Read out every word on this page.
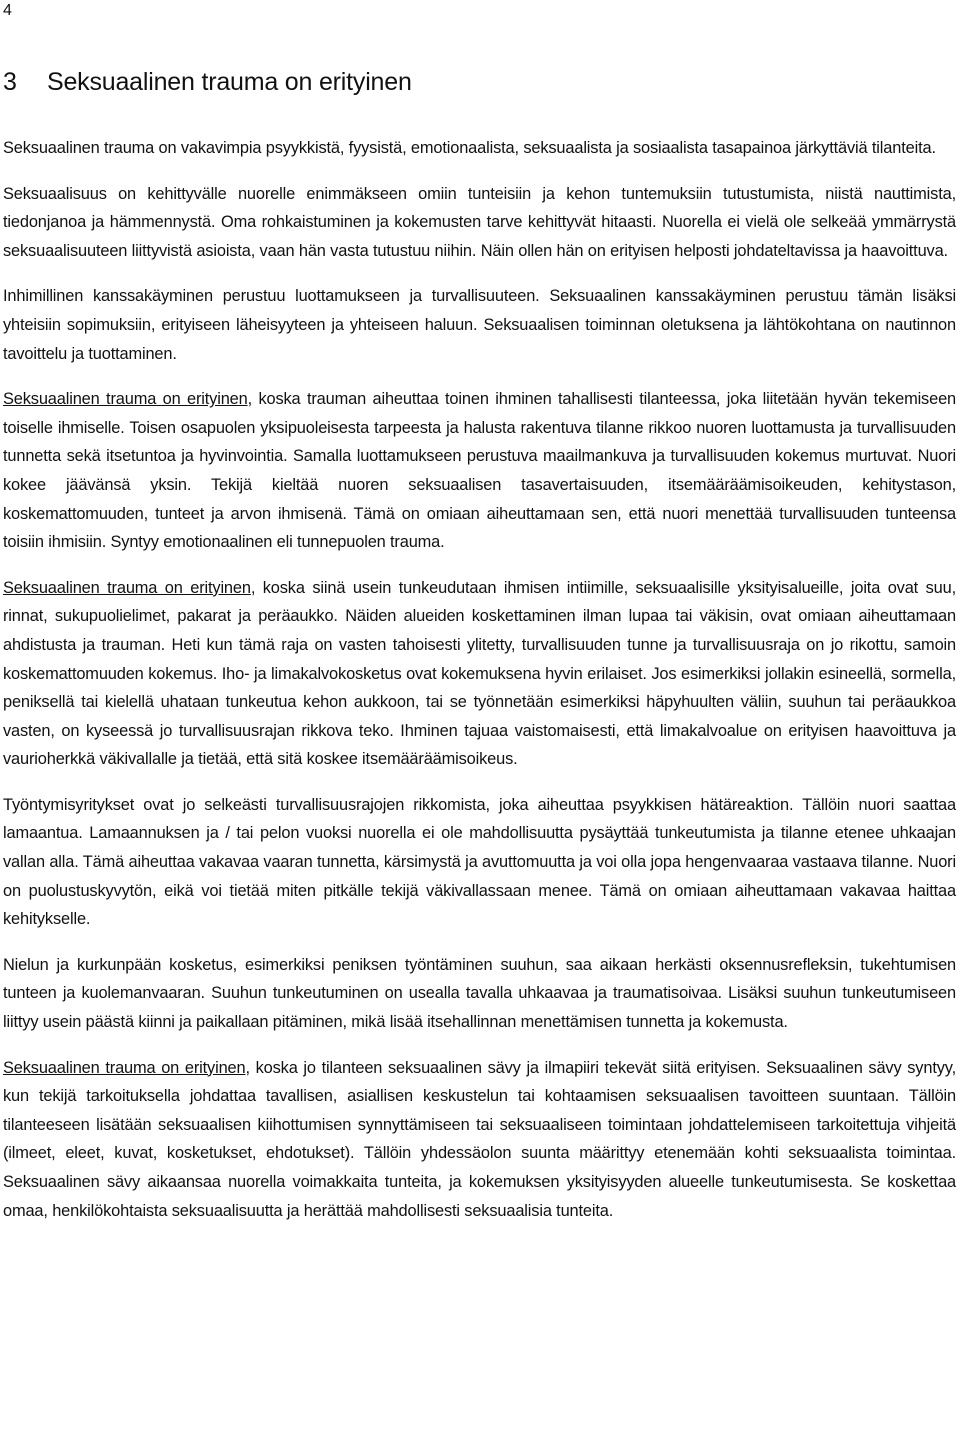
4
3 Seksuaalinen trauma on erityinen

Seksuaalinen trauma on vakavimpia psyykkistä, fyysistä, emotionaalista, seksuaalista ja sosiaalista tasapainoa järkyttäviä tilanteita.

Seksuaalisuus on kehittyvälle nuorelle enimmäkseen omiin tunteisiin ja kehon tuntemuksiin tutustumista, niistä nauttimista, tiedonjanoa ja hämmennystä. Oma rohkaistuminen ja kokemusten tarve kehittyvät hitaasti. Nuorella ei vielä ole selkeää ymmärrystä seksuaalisuuteen liittyvistä asioista, vaan hän vasta tutustuu niihin. Näin ollen hän on erityisen helposti johdateltavissa ja haavoittuva.

Inhimillinen kanssakäyminen perustuu luottamukseen ja turvallisuuteen. Seksuaalinen kanssakäyminen perustuu tämän lisäksi yhteisiin sopimuksiin, erityiseen läheisyyteen ja yhteiseen haluun. Seksuaalisen toiminnan oletuksena ja lähtökohtana on nautinnon tavoittelu ja tuottaminen.

Seksuaalinen trauma on erityinen, koska trauman aiheuttaa toinen ihminen tahallisesti tilanteessa, joka liitetään hyvän tekemiseen toiselle ihmiselle. Toisen osapuolen yksipuoleisesta tarpeesta ja halusta rakentuva tilanne rikkoo nuoren luottamusta ja turvallisuuden tunnetta sekä itsetuntoa ja hyvinvointia. Samalla luottamukseen perustuva maailmankuva ja turvallisuuden kokemus murtuvat. Nuori kokee jäävänsä yksin. Tekijä kieltää nuoren seksuaalisen tasavertaisuuden, itsemääräämisoikeuden, kehitystason, koskemattomuuden, tunteet ja arvon ihmisenä. Tämä on omiaan aiheuttamaan sen, että nuori menettää turvallisuuden tunteensa toisiin ihmisiin. Syntyy emotionaalinen eli tunnepuolen trauma.

Seksuaalinen trauma on erityinen, koska siinä usein tunkeudutaan ihmisen intiimille, seksuaalisille yksityisalueille, joita ovat suu, rinnat, sukupuolielimet, pakarat ja peräaukko. Näiden alueiden koskettaminen ilman lupaa tai väkisin, ovat omiaan aiheuttamaan ahdistusta ja trauman. Heti kun tämä raja on vasten tahoisesti ylitetty, turvallisuuden tunne ja turvallisuusraja on jo rikottu, samoin koskemattomuuden kokemus. Iho- ja limakalvokosketus ovat kokemuksena hyvin erilaiset. Jos esimerkiksi jollakin esineellä, sormella, peniksellä tai kielellä uhataan tunkeutua kehon aukkoon, tai se työnnetään esimerkiksi häpyhuulten väliin, suuhun tai peräaukkoa vasten, on kyseessä jo turvallisuusrajan rikkova teko. Ihminen tajuaa vaistomaisesti, että limakalvoalue on erityisen haavoittuva ja vaurioherkkä väkivallalle ja tietää, että sitä koskee itsemääräämisoikeus.

Työntymisyritykset ovat jo selkeästi turvallisuusrajojen rikkomista, joka aiheuttaa psyykkisen hätäreaktion. Tällöin nuori saattaa lamaantua. Lamaannuksen ja / tai pelon vuoksi nuorella ei ole mahdollisuutta pysäyttää tunkeutumista ja tilanne etenee uhkaajan vallan alla. Tämä aiheuttaa vakavaa vaaran tunnetta, kärsimystä ja avuttomuutta ja voi olla jopa hengenvaaraa vastaava tilanne. Nuori on puolustuskyvytön, eikä voi tietää miten pitkälle tekijä väkivallassaan menee. Tämä on omiaan aiheuttamaan vakavaa haittaa kehitykselle.

Nielun ja kurkunpään kosketus, esimerkiksi peniksen työntäminen suuhun, saa aikaan herkästi oksennusrefleksin, tukehtumisen tunteen ja kuolemanvaaran. Suuhun tunkeutuminen on usealla tavalla uhkaavaa ja traumatisoivaa. Lisäksi suuhun tunkeutumiseen liittyy usein päästä kiinni ja paikallaan pitäminen, mikä lisää itsehallinnan menettämisen tunnetta ja kokemusta.

Seksuaalinen trauma on erityinen, koska jo tilanteen seksuaalinen sävy ja ilmapiiri tekevät siitä erityisen. Seksuaalinen sävy syntyy, kun tekijä tarkoituksella johdattaa tavallisen, asiallisen keskustelun tai kohtaamisen seksuaalisen tavoitteen suuntaan. Tällöin tilanteeseen lisätään seksuaalisen kiihottumisen synnyttämiseen tai seksuaaliseen toimintaan johdattelemiseen tarkoitettuja vihjeitä (ilmeet, eleet, kuvat, kosketukset, ehdotukset). Tällöin yhdessäolon suunta määrittyy etenemään kohti seksuaalista toimintaa. Seksuaalinen sävy aikaansaa nuorella voimakkaita tunteita, ja kokemuksen yksityisyyden alueelle tunkeutumisesta. Se koskettaa omaa, henkilökohtaista seksuaalisuutta ja herättää mahdollisesti seksuaalisia tunteita.
